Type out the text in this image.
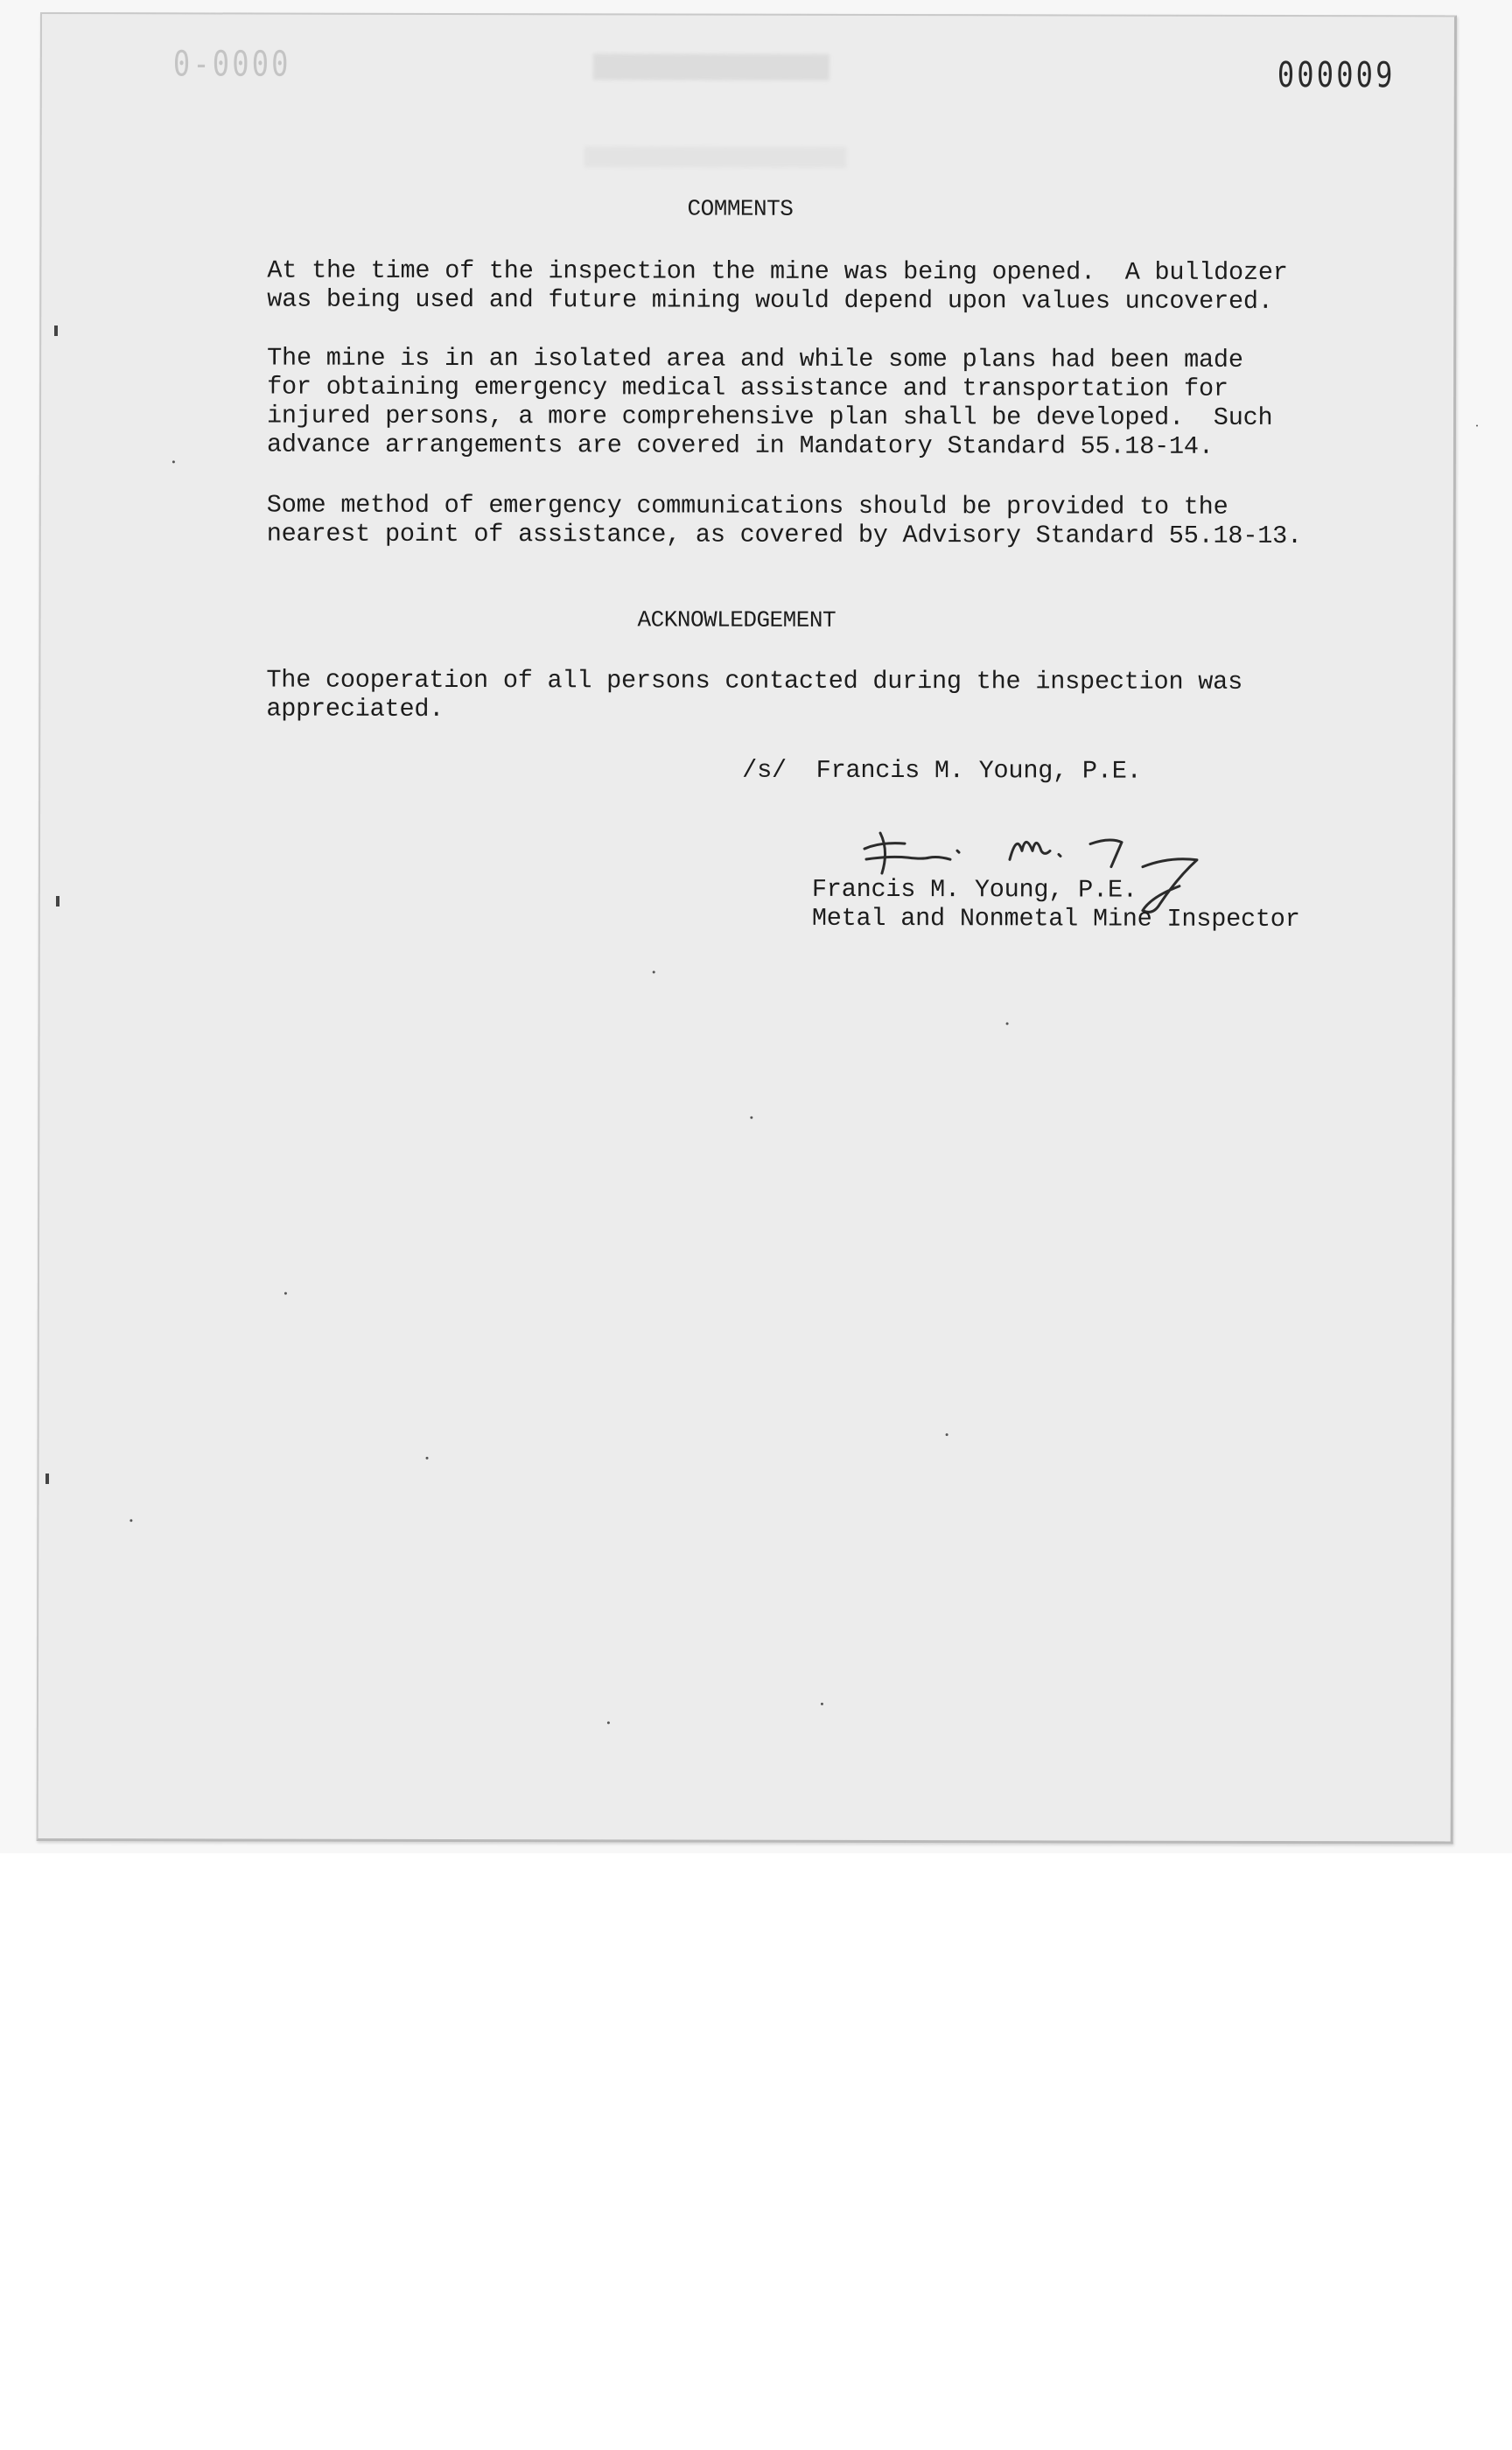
0-0000	000009
COMMENTS
At the time of the inspection the mine was being opened.  A bulldozer
was being used and future mining would depend upon values uncovered.
The mine is in an isolated area and while some plans had been made
for obtaining emergency medical assistance and transportation for
injured persons, a more comprehensive plan shall be developed.  Such
advance arrangements are covered in Mandatory Standard 55.18-14.
Some method of emergency communications should be provided to the
nearest point of assistance, as covered by Advisory Standard 55.18-13.
ACKNOWLEDGEMENT
The cooperation of all persons contacted during the inspection was
appreciated.
/s/  Francis M. Young, P.E.
Francis M. Young, P.E.
Metal and Nonmetal Mine Inspector
